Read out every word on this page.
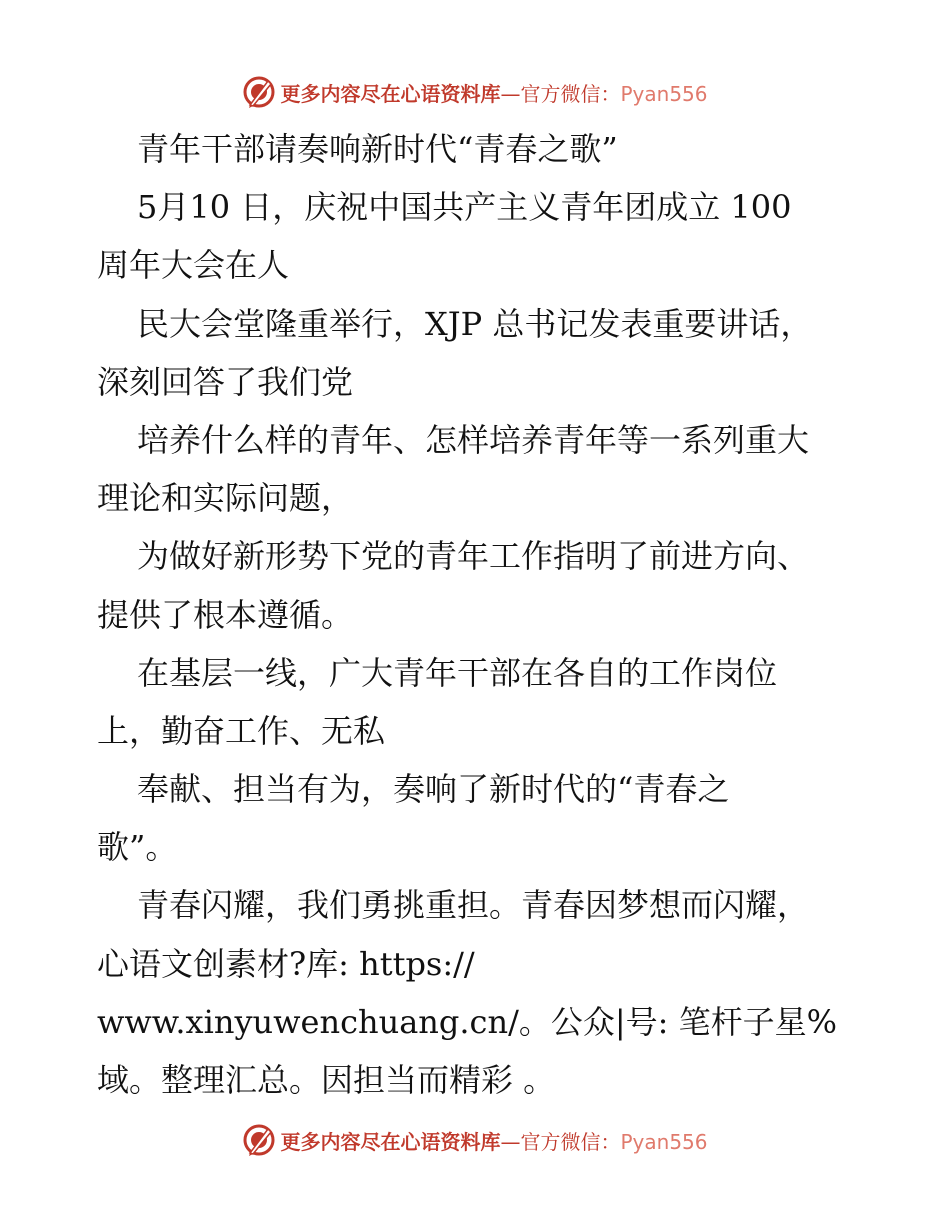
更多内容尽在心语资料库—官方微信：Pyan556
青年干部请奏响新时代“青春之歌”
5月10 日，庆祝中国共产主义青年团成立 100
周年大会在人
民大会堂隆重举行，XJP 总书记发表重要讲话，
深刻回答了我们党
培养什么样的青年、怎样培养青年等一系列重大
理论和实际问题，
为做好新形势下党的青年工作指明了前进方向、
提供了根本遵循。
在基层一线，广大青年干部在各自的工作岗位
上，勤奋工作、无私
奉献、担当有为，奏响了新时代的“青春之
歌”。
青春闪耀，我们勇挑重担。青春因梦想而闪耀，
心语文创素材?库: https://
www.xinyuwenchuang.cn/。公众|号: 笔杆子星%
域。整理汇总。因担当而精彩 。
更多内容尽在心语资料库—官方微信：Pyan556
